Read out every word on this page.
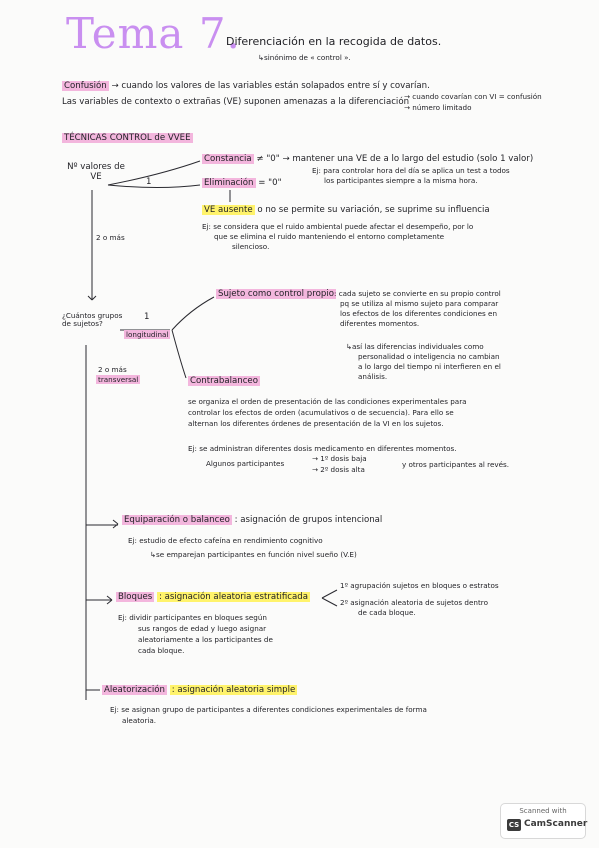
Tema 7.
Diferenciación en la recogida de datos.
↳sinónimo de « control ».
Confusión → cuando los valores de las variables están solapados entre sí y covarían.
Las variables de contexto o extrañas (VE) suponen amenazas a la diferenciación
→ cuando covarían con VI = confusión
→ número limitado
TÉCNICAS CONTROL de VVEE
Nº valores de VE
1
2 o más
Constancia ≠ "0" → mantener una VE de a lo largo del estudio (solo 1 valor)
Ej: para controlar hora del día se aplica un test a todos
los participantes siempre a la misma hora.
Eliminación = "0"
VE ausente o no se permite su variación, se suprime su influencia
Ej: se considera que el ruido ambiental puede afectar el desempeño, por lo
que se elimina el ruido manteniendo el entorno completamente
silencioso.
¿Cuántos grupos de sujetos?
1
longitudinal
2 o más
transversal
Sujeto como control propio : cada sujeto se convierte en su propio control
pq se utiliza al mismo sujeto para comparar
los efectos de los diferentes condiciones en
diferentes momentos.
↳así las diferencias individuales como
personalidad o inteligencia no cambian
a lo largo del tiempo ni interfieren en el
análisis.
Contrabalanceo
se organiza el orden de presentación de las condiciones experimentales para
controlar los efectos de orden (acumulativos o de secuencia). Para ello se
alternan los diferentes órdenes de presentación de la VI en los sujetos.
Ej: se administran diferentes dosis medicamento en diferentes momentos.
Algunos participantes
→ 1º dosis baja
→ 2º dosis alta
y otros participantes al revés.
Equiparación o balanceo : asignación de grupos intencional
Ej: estudio de efecto cafeína en rendimiento cognitivo
↳se emparejan participantes en función nivel sueño (V.E)
Bloques : asignación aleatoria estratificada
1º agrupación sujetos en bloques o estratos
2º asignación aleatoria de sujetos dentro
de cada bloque.
Ej: dividir participantes en bloques según
sus rangos de edad y luego asignar
aleatoriamente a los participantes de
cada bloque.
Aleatorización : asignación aleatoria simple
Ej: se asignan grupo de participantes a diferentes condiciones experimentales de forma
aleatoria.
Scanned with
CS CamScanner
